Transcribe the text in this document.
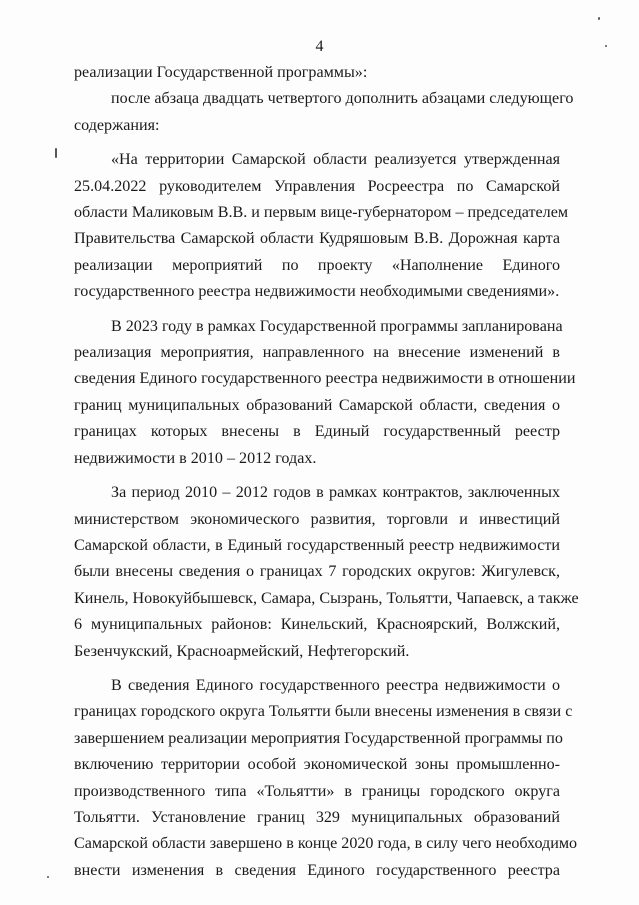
4
реализации Государственной программы»:
после абзаца двадцать четвертого дополнить абзацами следующего
содержания:
«На территории Самарской области реализуется утвержденная
25.04.2022 руководителем Управления Росреестра по Самарской
области Маликовым В.В. и первым вице-губернатором – председателем
Правительства Самарской области Кудряшовым В.В. Дорожная карта
реализации мероприятий по проекту «Наполнение Единого
государственного реестра недвижимости необходимыми сведениями».
В 2023 году в рамках Государственной программы запланирована
реализация мероприятия, направленного на внесение изменений в
сведения Единого государственного реестра недвижимости в отношении
границ муниципальных образований Самарской области, сведения о
границах которых внесены в Единый государственный реестр
недвижимости в 2010 – 2012 годах.
За период 2010 – 2012 годов в рамках контрактов, заключенных
министерством экономического развития, торговли и инвестиций
Самарской области, в Единый государственный реестр недвижимости
были внесены сведения о границах 7 городских округов: Жигулевск,
Кинель, Новокуйбышевск, Самара, Сызрань, Тольятти, Чапаевск, а также
6 муниципальных районов: Кинельский, Красноярский, Волжский,
Безенчукский, Красноармейский, Нефтегорский.
В сведения Единого государственного реестра недвижимости о
границах городского округа Тольятти были внесены изменения в связи с
завершением реализации мероприятия Государственной программы по
включению территории особой экономической зоны промышленно-
производственного типа «Тольятти» в границы городского округа
Тольятти. Установление границ 329 муниципальных образований
Самарской области завершено в конце 2020 года, в силу чего необходимо
внести изменения в сведения Единого государственного реестра
